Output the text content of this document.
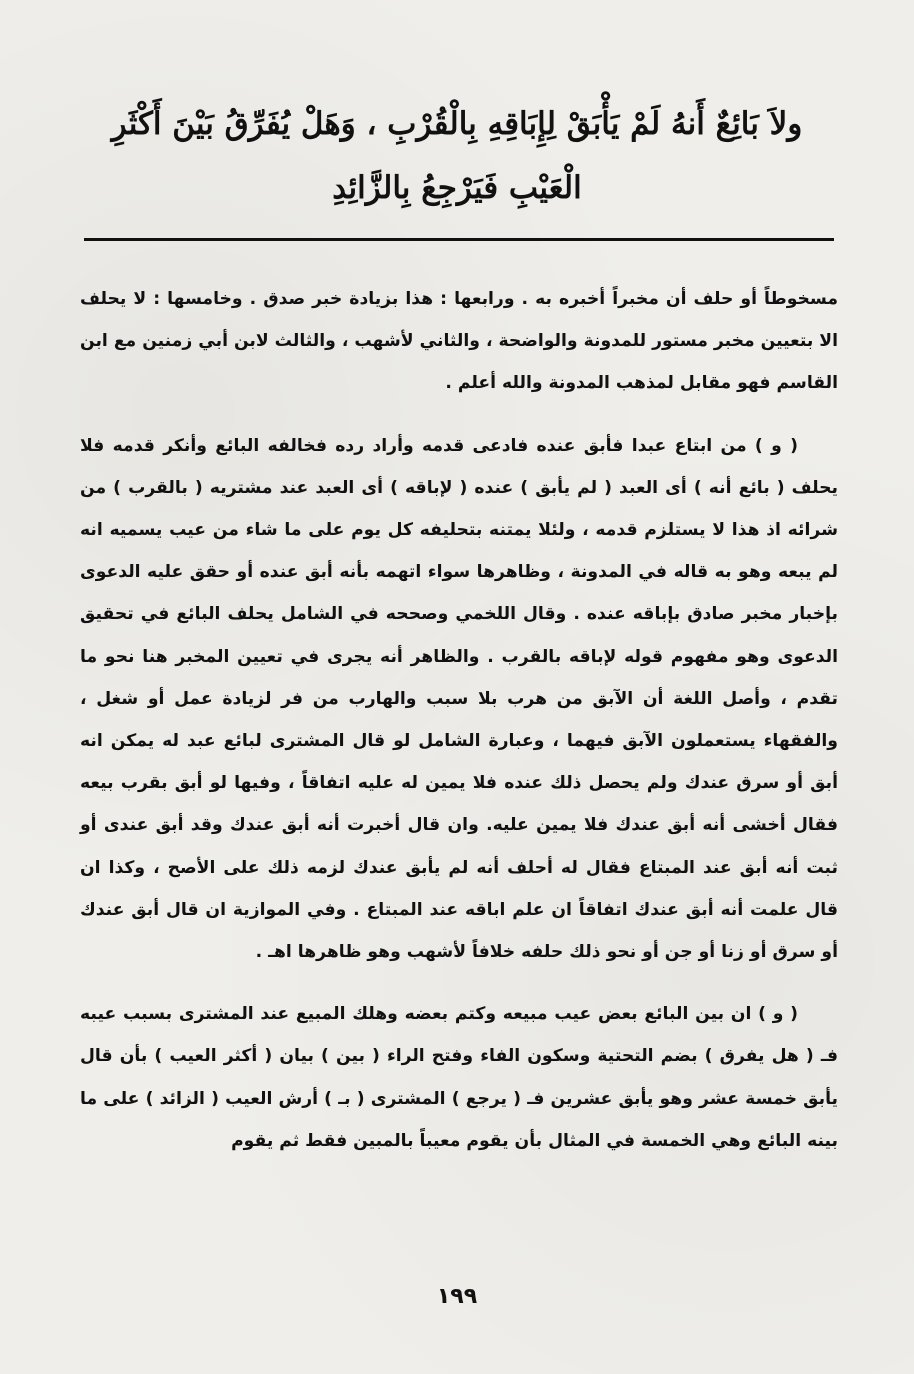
ولاَ بَائِعٌ أَنهُ لَمْ يَأْبَقْ لِإِبَاقِهِ بِالْقُرْبِ ، وَهَلْ يُفَرِّقُ بَيْنَ أَكْثَرِ
الْعَيْبِ فَيَرْجِعُ بِالزَّائِدِ

مسخوطاً أو حلف أن مخبراً أخبره به . ورابعها : هذا بزيادة خبر صدق . وخامسها : لا يحلف الا بتعيين مخبر مستور للمدونة والواضحة ، والثاني لأشهب ، والثالث لابن أبي زمنين مع ابن القاسم فهو مقابل لمذهب المدونة والله أعلم .

( و ) من ابتاع عبدا فأبق عنده فادعى قدمه وأراد رده فخالفه البائع وأنكر قدمه فلا يحلف ( بائع أنه ) أى العبد ( لم يأبق ) عنده ( لإباقه ) أى العبد عند مشتريه ( بالقرب ) من شرائه اذ هذا لا يستلزم قدمه ، ولئلا يمتنه بتحليفه كل يوم على ما شاء من عيب يسميه انه لم يبعه وهو به قاله في المدونة ، وظاهرها سواء اتهمه بأنه أبق عنده أو حقق عليه الدعوى بإخبار مخبر صادق بإباقه عنده . وقال اللخمي وصححه في الشامل يحلف البائع في تحقيق الدعوى وهو مفهوم قوله لإباقه بالقرب . والظاهر أنه يجرى في تعيين المخبر هنا نحو ما تقدم ، وأصل اللغة أن الآبق من هرب بلا سبب والهارب من فر لزيادة عمل أو شغل ، والفقهاء يستعملون الآبق فيهما ، وعبارة الشامل لو قال المشترى لبائع عبد له يمكن انه أبق أو سرق عندك ولم يحصل ذلك عنده فلا يمين له عليه اتفاقاً ، وفيها لو أبق بقرب بيعه فقال أخشى أنه أبق عندك فلا يمين عليه. وان قال أخبرت أنه أبق عندك وقد أبق عندى أو ثبت أنه أبق عند المبتاع فقال له أحلف أنه لم يأبق عندك لزمه ذلك على الأصح ، وكذا ان قال علمت أنه أبق عندك اتفاقاً ان علم اباقه عند المبتاع . وفي الموازية ان قال أبق عندك أو سرق أو زنا أو جن أو نحو ذلك حلفه خلافاً لأشهب وهو ظاهرها اهـ .

( و ) ان بين البائع بعض عيب مبيعه وكتم بعضه وهلك المبيع عند المشترى بسبب عيبه فـ ( هل يفرق ) بضم التحتية وسكون الفاء وفتح الراء ( بين ) بيان ( أكثر العيب ) بأن قال يأبق خمسة عشر وهو يأبق عشرين فـ ( يرجع ) المشترى ( بـ ) أرش العيب ( الزائد ) على ما بينه البائع وهي الخمسة في المثال بأن يقوم معيباً بالمبين فقط ثم يقوم

١٩٩
